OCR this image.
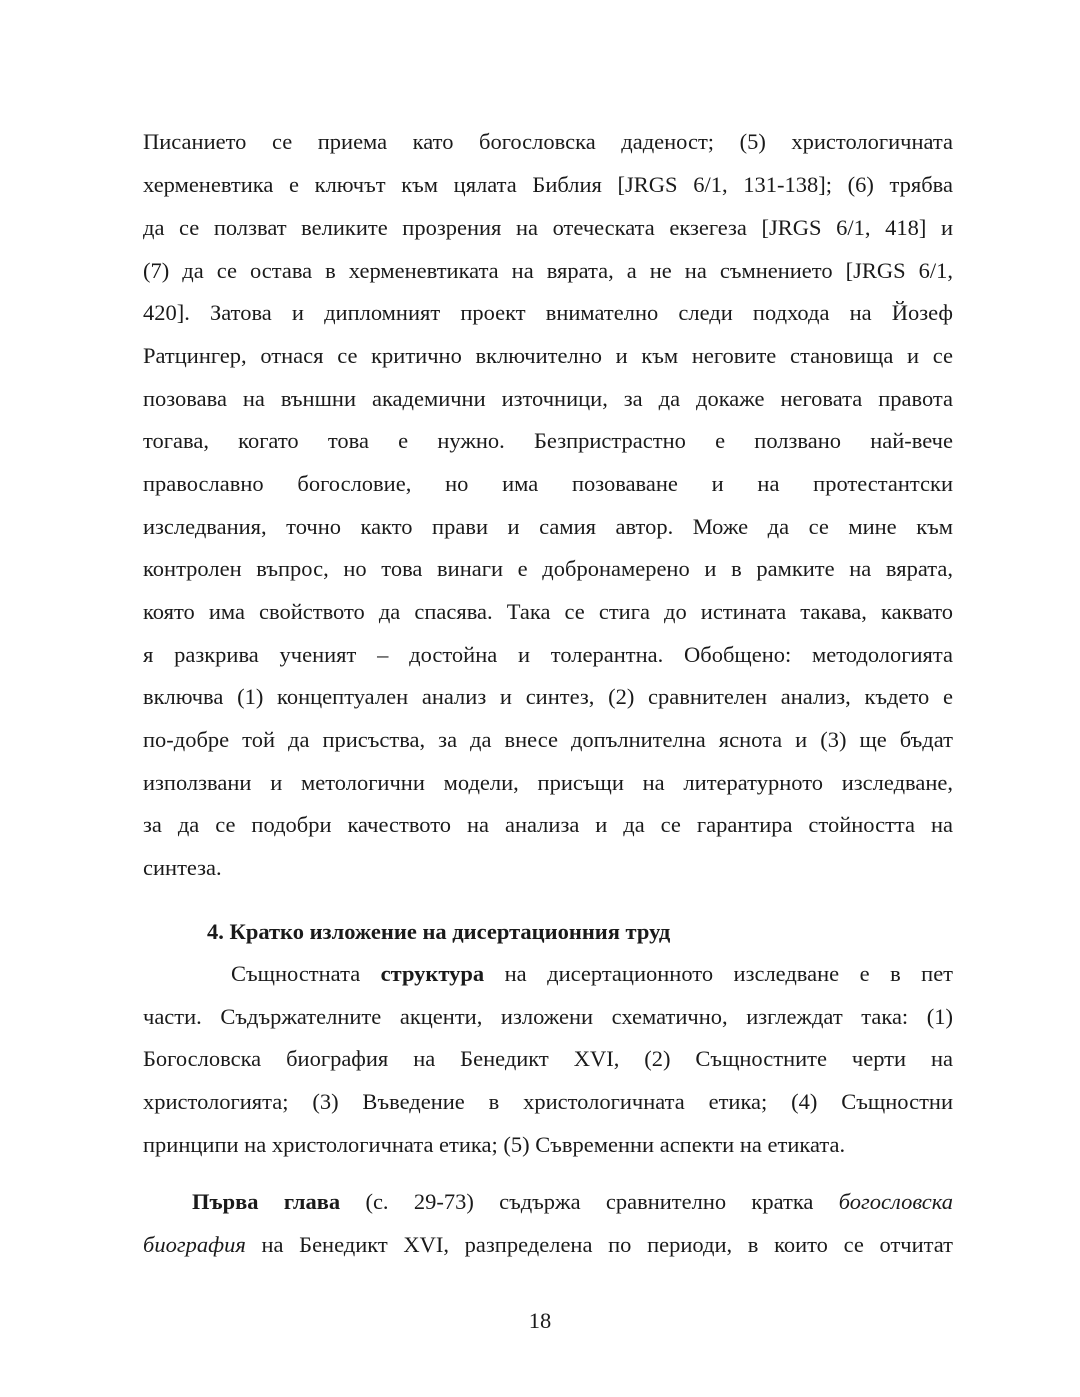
Писанието се приема като богословска даденост; (5) христологичната
херменевтика е ключът към цялата Библия [JRGS 6/1, 131-138]; (6) трябва
да се ползват великите прозрения на отеческата екзегеза [JRGS 6/1, 418] и
(7) да се остава в херменевтиката на вярата, а не на съмнението [JRGS 6/1,
420]. Затова и дипломният проект внимателно следи подхода на Йозеф
Ратцингер, отнася се критично включително и към неговите становища и се
позовава на външни академични източници, за да докаже неговата правота
тогава, когато това е нужно. Безпристрастно е ползвано най-вече
православно богословие, но има позоваване и на протестантски
изследвания, точно както прави и самия автор. Може да се мине към
контролен въпрос, но това винаги е добронамерено и в рамките на вярата,
която има свойството да спасява. Така се стига до истината такава, каквато
я разкрива ученият – достойна и толерантна. Обобщено: методологията
включва (1) концептуален анализ и синтез, (2) сравнителен анализ, където е
по-добре той да присъства, за да внесе допълнителна яснота и (3) ще бъдат
използвани и метологични модели, присъщи на литературното изследване,
за да се подобри качеството на анализа и да се гарантира стойността на
синтеза.
4. Кратко изложение на дисертационния труд
Същностната структура на дисертационното изследване е в пет
части. Съдържателните акценти, изложени схематично, изглеждат така: (1)
Богословска биография на Бенедикт XVI, (2) Същностните черти на
христологията; (3) Въведение в христологичната етика; (4) Същностни
принципи на христологичната етика; (5) Съвременни аспекти на етиката.
Първа глава (с. 29-73) съдържа сравнително кратка богословска
биография на Бенедикт XVI, разпределена по периоди, в които се отчитат
18
